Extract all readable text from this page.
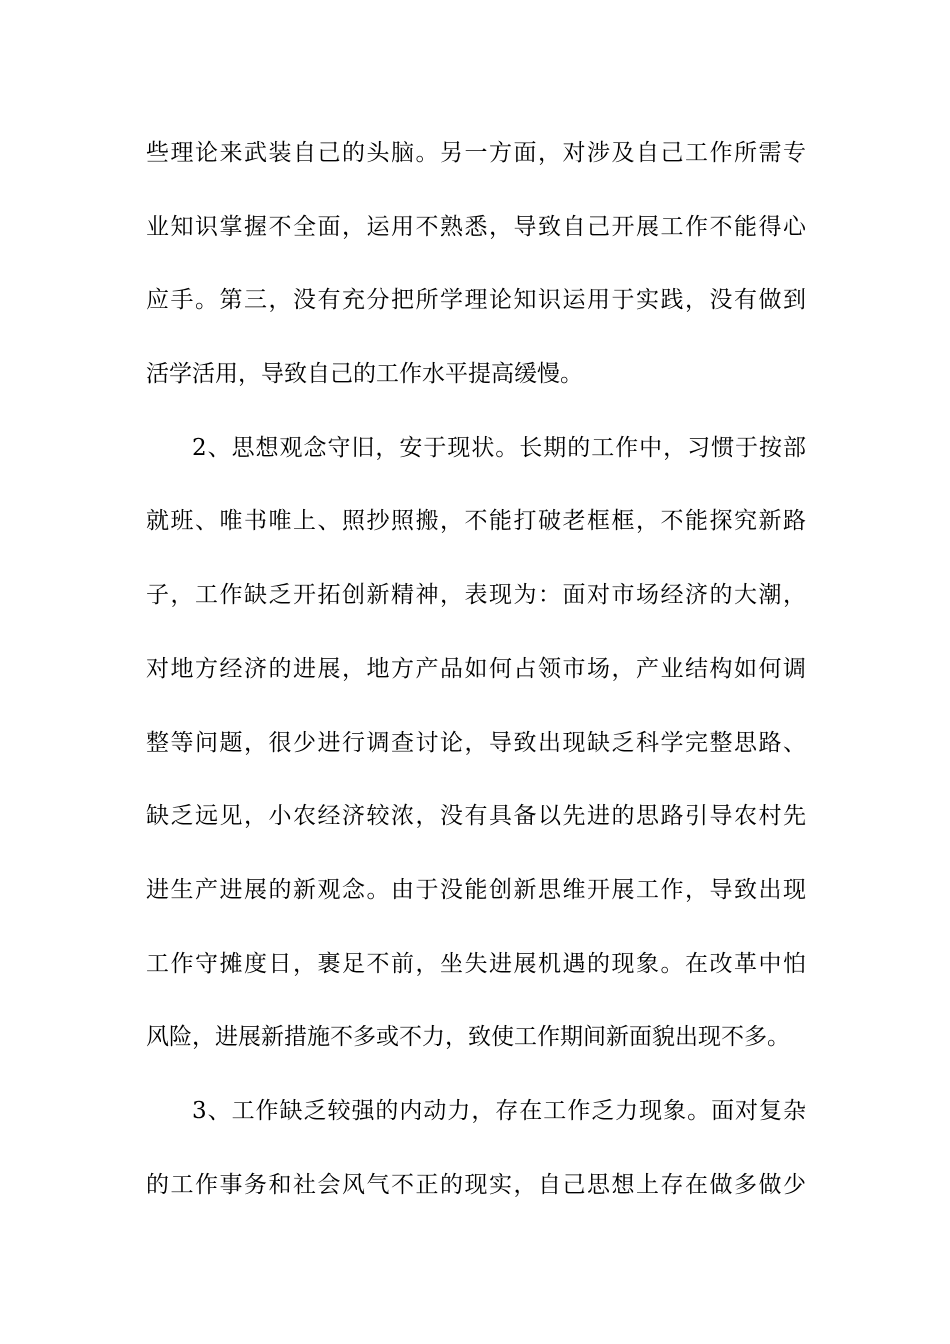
些理论来武装自己的头脑。另一方面，对涉及自己工作所需专
业知识掌握不全面，运用不熟悉，导致自己开展工作不能得心
应手。第三，没有充分把所学理论知识运用于实践，没有做到
活学活用，导致自己的工作水平提高缓慢。
2、思想观念守旧，安于现状。长期的工作中，习惯于按部
就班、唯书唯上、照抄照搬，不能打破老框框，不能探究新路
子，工作缺乏开拓创新精神，表现为：面对市场经济的大潮，
对地方经济的进展，地方产品如何占领市场，产业结构如何调
整等问题，很少进行调查讨论，导致出现缺乏科学完整思路、
缺乏远见，小农经济较浓，没有具备以先进的思路引导农村先
进生产进展的新观念。由于没能创新思维开展工作，导致出现
工作守摊度日，裹足不前，坐失进展机遇的现象。在改革中怕
风险，进展新措施不多或不力，致使工作期间新面貌出现不多。
3、工作缺乏较强的内动力，存在工作乏力现象。面对复杂
的工作事务和社会风气不正的现实，自己思想上存在做多做少
